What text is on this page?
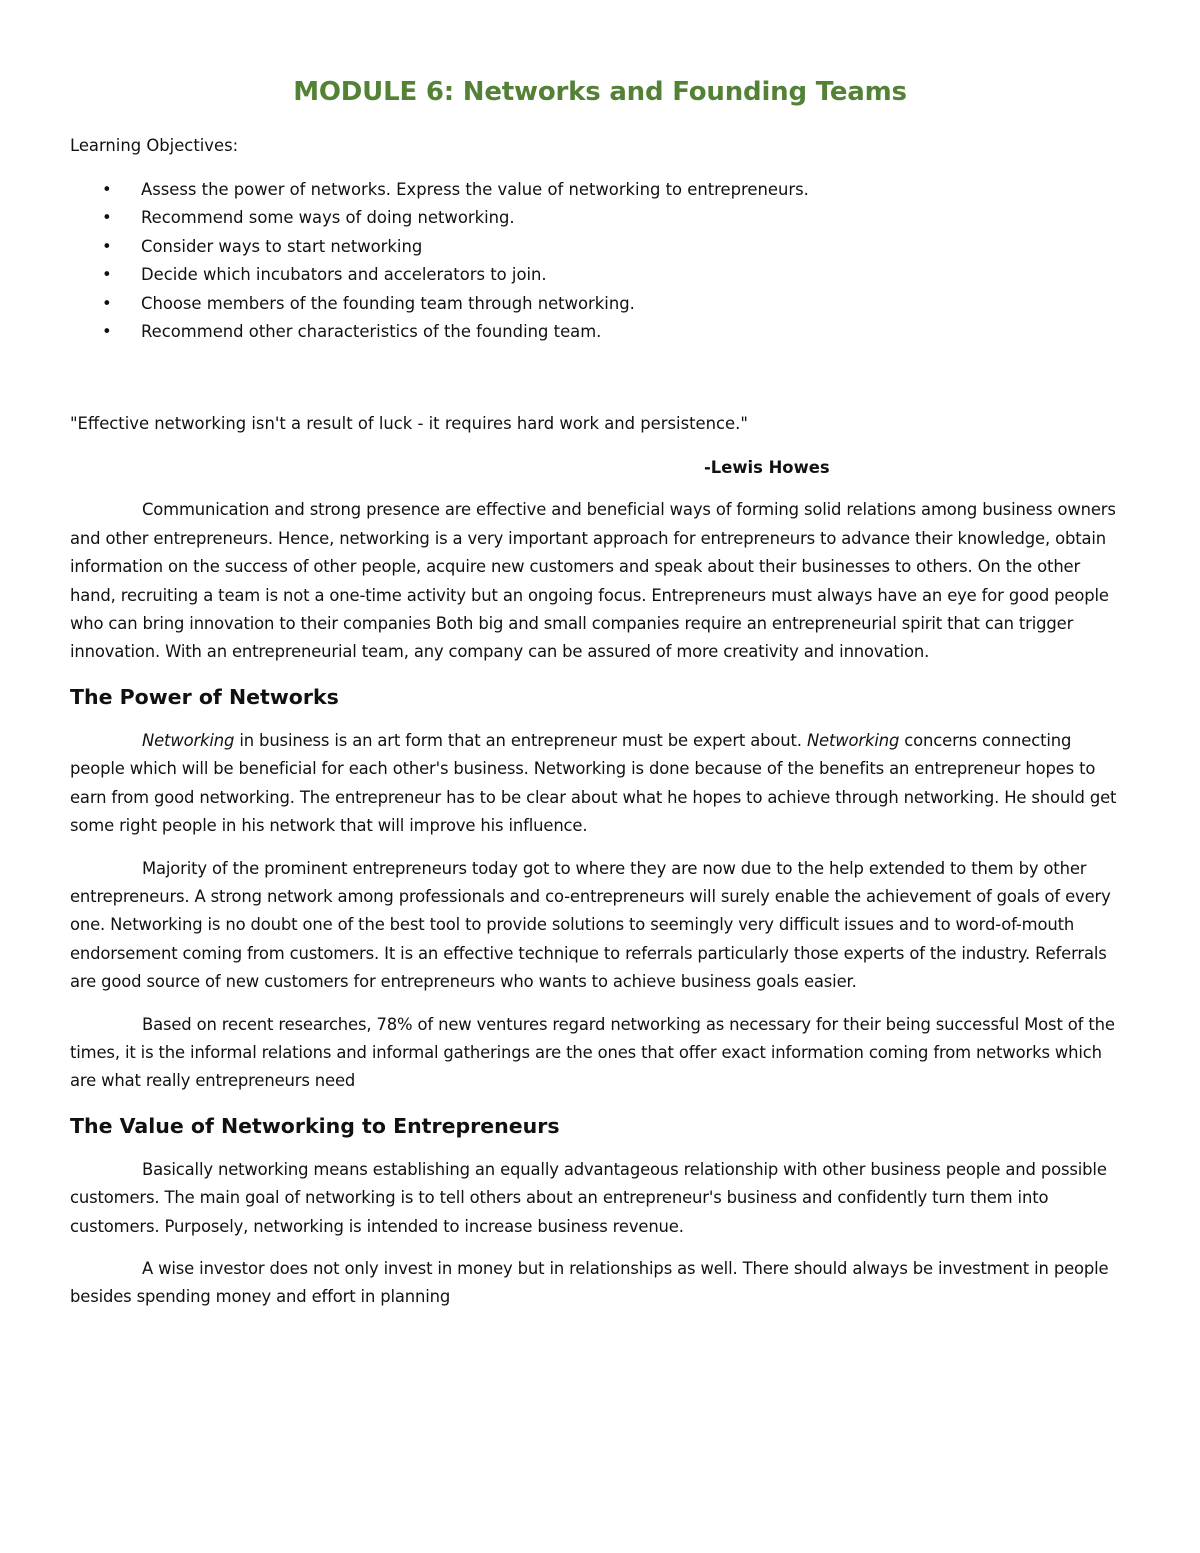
MODULE 6: Networks and Founding Teams
Learning Objectives:
• Assess the power of networks. Express the value of networking to entrepreneurs.
• Recommend some ways of doing networking.
• Consider ways to start networking
• Decide which incubators and accelerators to join.
• Choose members of the founding team through networking.
• Recommend other characteristics of the founding team.
"Effective networking isn't a result of luck - it requires hard work and persistence."
-Lewis Howes

Communication and strong presence are effective and beneficial ways of forming solid relations among business owners and other entrepreneurs. Hence, networking is a very important approach for entrepreneurs to advance their knowledge, obtain information on the success of other people, acquire new customers and speak about their businesses to others. On the other hand, recruiting a team is not a one-time activity but an ongoing focus. Entrepreneurs must always have an eye for good people who can bring innovation to their companies Both big and small companies require an entrepreneurial spirit that can trigger innovation. With an entrepreneurial team, any company can be assured of more creativity and innovation.

The Power of Networks

Networking in business is an art form that an entrepreneur must be expert about. Networking concerns connecting people which will be beneficial for each other's business. Networking is done because of the benefits an entrepreneur hopes to earn from good networking. The entrepreneur has to be clear about what he hopes to achieve through networking. He should get some right people in his network that will improve his influence.

Majority of the prominent entrepreneurs today got to where they are now due to the help extended to them by other entrepreneurs. A strong network among professionals and co-entrepreneurs will surely enable the achievement of goals of every one. Networking is no doubt one of the best tool to provide solutions to seemingly very difficult issues and to word-of-mouth endorsement coming from customers. It is an effective technique to referrals particularly those experts of the industry. Referrals are good source of new customers for entrepreneurs who wants to achieve business goals easier.

Based on recent researches, 78% of new ventures regard networking as necessary for their being successful Most of the times, it is the informal relations and informal gatherings are the ones that offer exact information coming from networks which are what really entrepreneurs need

The Value of Networking to Entrepreneurs

Basically networking means establishing an equally advantageous relationship with other business people and possible customers. The main goal of networking is to tell others about an entrepreneur's business and confidently turn them into customers. Purposely, networking is intended to increase business revenue.

A wise investor does not only invest in money but in relationships as well. There should always be investment in people besides spending money and effort in planning
